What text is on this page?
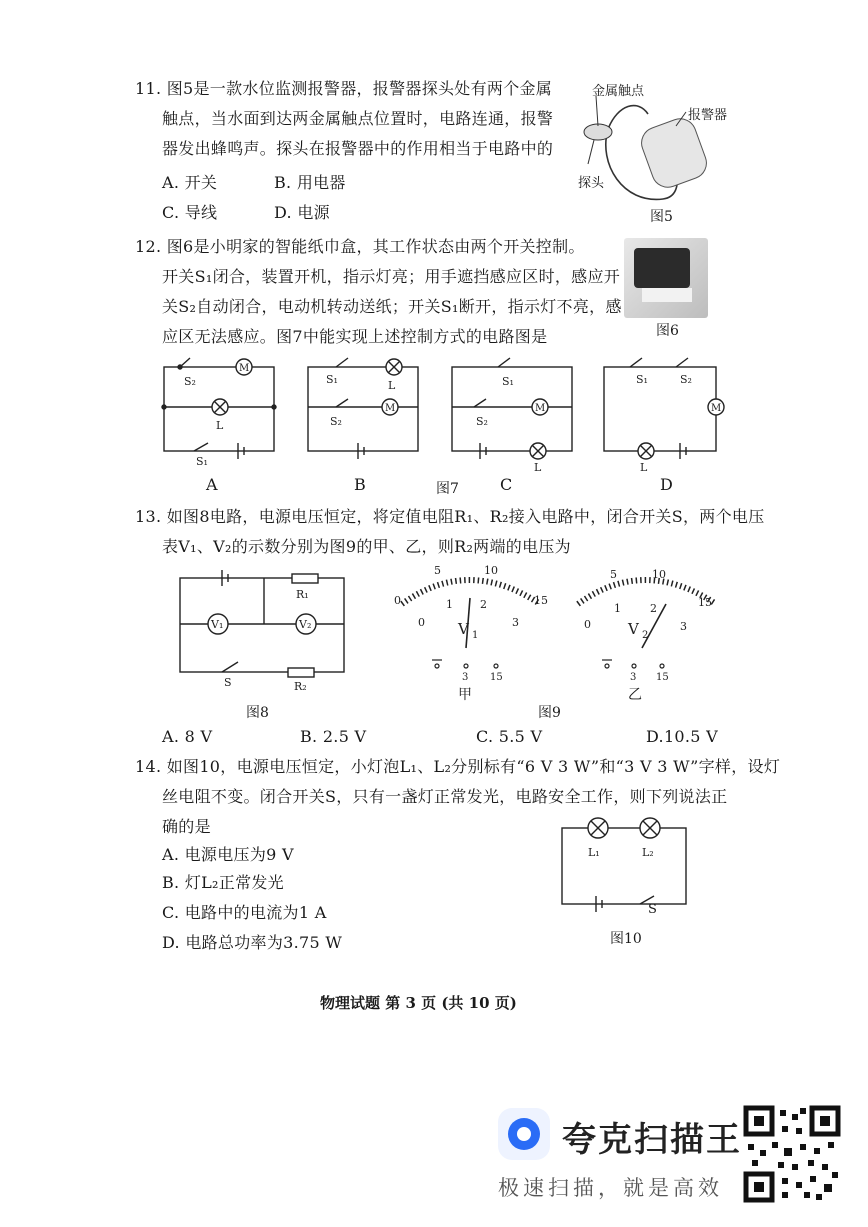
11. 图5是一款水位监测报警器，报警器探头处有两个金属
触点，当水面到达两金属触点位置时，电路连通，报警
器发出蜂鸣声。探头在报警器中的作用相当于电路中的
A. 开关	B. 用电器
C. 导线	D. 电源
金属触点
报警器
探头
图5
12. 图6是小明家的智能纸巾盒，其工作状态由两个开关控制。
开关S₁闭合，装置开机，指示灯亮；用手遮挡感应区时，感应开
关S₂自动闭合，电动机转动送纸；开关S₁断开，指示灯不亮，感
应区无法感应。图7中能实现上述控制方式的电路图是	图6
M
S₂
L
S₁
M
S₁	L
S₂
M
S₁
S₂
L
M
S₁	S₂
L
A	B	图7	C	D
13. 如图8电路，电源电压恒定，将定值电阻R₁、R₂接入电路中，闭合开关S，两个电压
表V₁、V₂的示数分别为图9的甲、乙，则R₂两端的电压为
V₁	V₂
R₁
S	R₂
图8
0
5	10
15
0
1 2
3
V 1
3 15
5	10
15
0
1	2
3
V 2
3 15
甲
图9
乙
A. 8 V	B. 2.5 V	C. 5.5 V	D.10.5 V
14. 如图10，电源电压恒定，小灯泡L₁、L₂分别标有“6 V 3 W”和“3 V 3 W”字样，设灯
丝电阻不变。闭合开关S，只有一盏灯正常发光，电路安全工作，则下列说法正
确的是
A. 电源电压为9 V
B. 灯L₂正常发光
C. 电路中的电流为1 A
D. 电路总功率为3.75 W
L₁	L₂
S
图10
物理试题 第 3 页 (共 10 页)
夸克扫描王
极速扫描，就是高效
